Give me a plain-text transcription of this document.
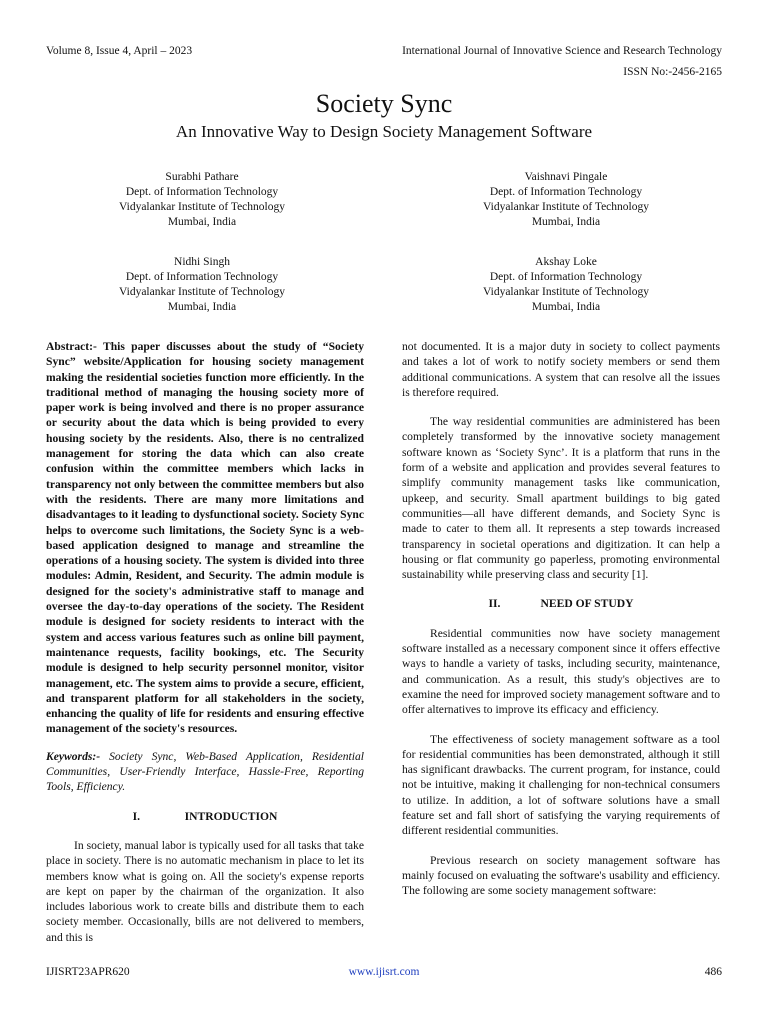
Volume 8, Issue 4, April – 2023	International Journal of Innovative Science and Research Technology
ISSN No:-2456-2165
Society Sync
An Innovative Way to Design Society Management Software
Surabhi Pathare
Dept. of Information Technology
Vidyalankar Institute of Technology
Mumbai, India
Vaishnavi Pingale
Dept. of Information Technology
Vidyalankar Institute of Technology
Mumbai, India
Nidhi Singh
Dept. of Information Technology
Vidyalankar Institute of Technology
Mumbai, India
Akshay Loke
Dept. of Information Technology
Vidyalankar Institute of Technology
Mumbai, India

Abstract:- This paper discusses about the study of “Society Sync” website/Application for housing society management making the residential societies function more efficiently. In the traditional method of managing the housing society more of paper work is being involved and there is no proper assurance or security about the data which is being provided to every housing society by the residents. Also, there is no centralized management for storing the data which can also create confusion within the committee members which lacks in transparency not only between the committee members but also with the residents. There are many more limitations and disadvantages to it leading to dysfunctional society. Society Sync helps to overcome such limitations, the Society Sync is a web-based application designed to manage and streamline the operations of a housing society. The system is divided into three modules: Admin, Resident, and Security. The admin module is designed for the society's administrative staff to manage and oversee the day-to-day operations of the society. The Resident module is designed for society residents to interact with the system and access various features such as online bill payment, maintenance requests, facility bookings, etc. The Security module is designed to help security personnel monitor, visitor management, etc. The system aims to provide a secure, efficient, and transparent platform for all stakeholders in the society, enhancing the quality of life for residents and ensuring effective management of the society's resources.

Keywords:- Society Sync, Web-Based Application, Residential Communities, User-Friendly Interface, Hassle-Free, Reporting Tools, Efficiency.

I.	INTRODUCTION

In society, manual labor is typically used for all tasks that take place in society. There is no automatic mechanism in place to let its members know what is going on. All the society's expense reports are kept on paper by the chairman of the organization. It also includes laborious work to create bills and distribute them to each society member. Occasionally, bills are not delivered to members, and this is

not documented. It is a major duty in society to collect payments and takes a lot of work to notify society members or send them additional communications. A system that can resolve all the issues is therefore required.

The way residential communities are administered has been completely transformed by the innovative society management software known as ‘Society Sync’. It is a platform that runs in the form of a website and application and provides several features to simplify community management tasks like communication, upkeep, and security. Small apartment buildings to big gated communities—all have different demands, and Society Sync is made to cater to them all. It represents a step towards increased transparency in societal operations and digitization. It can help a housing or flat community go paperless, promoting environmental sustainability while preserving class and security [1].

II.	NEED OF STUDY

Residential communities now have society management software installed as a necessary component since it offers effective ways to handle a variety of tasks, including security, maintenance, and communication. As a result, this study's objectives are to examine the need for improved society management software and to offer alternatives to improve its efficacy and efficiency.

The effectiveness of society management software as a tool for residential communities has been demonstrated, although it still has significant drawbacks. The current program, for instance, could not be intuitive, making it challenging for non-technical consumers to utilize. In addition, a lot of software solutions have a small feature set and fall short of satisfying the varying requirements of different residential communities.

Previous research on society management software has mainly focused on evaluating the software's usability and efficiency. The following are some society management software:

IJISRT23APR620	www.ijisrt.com	486
